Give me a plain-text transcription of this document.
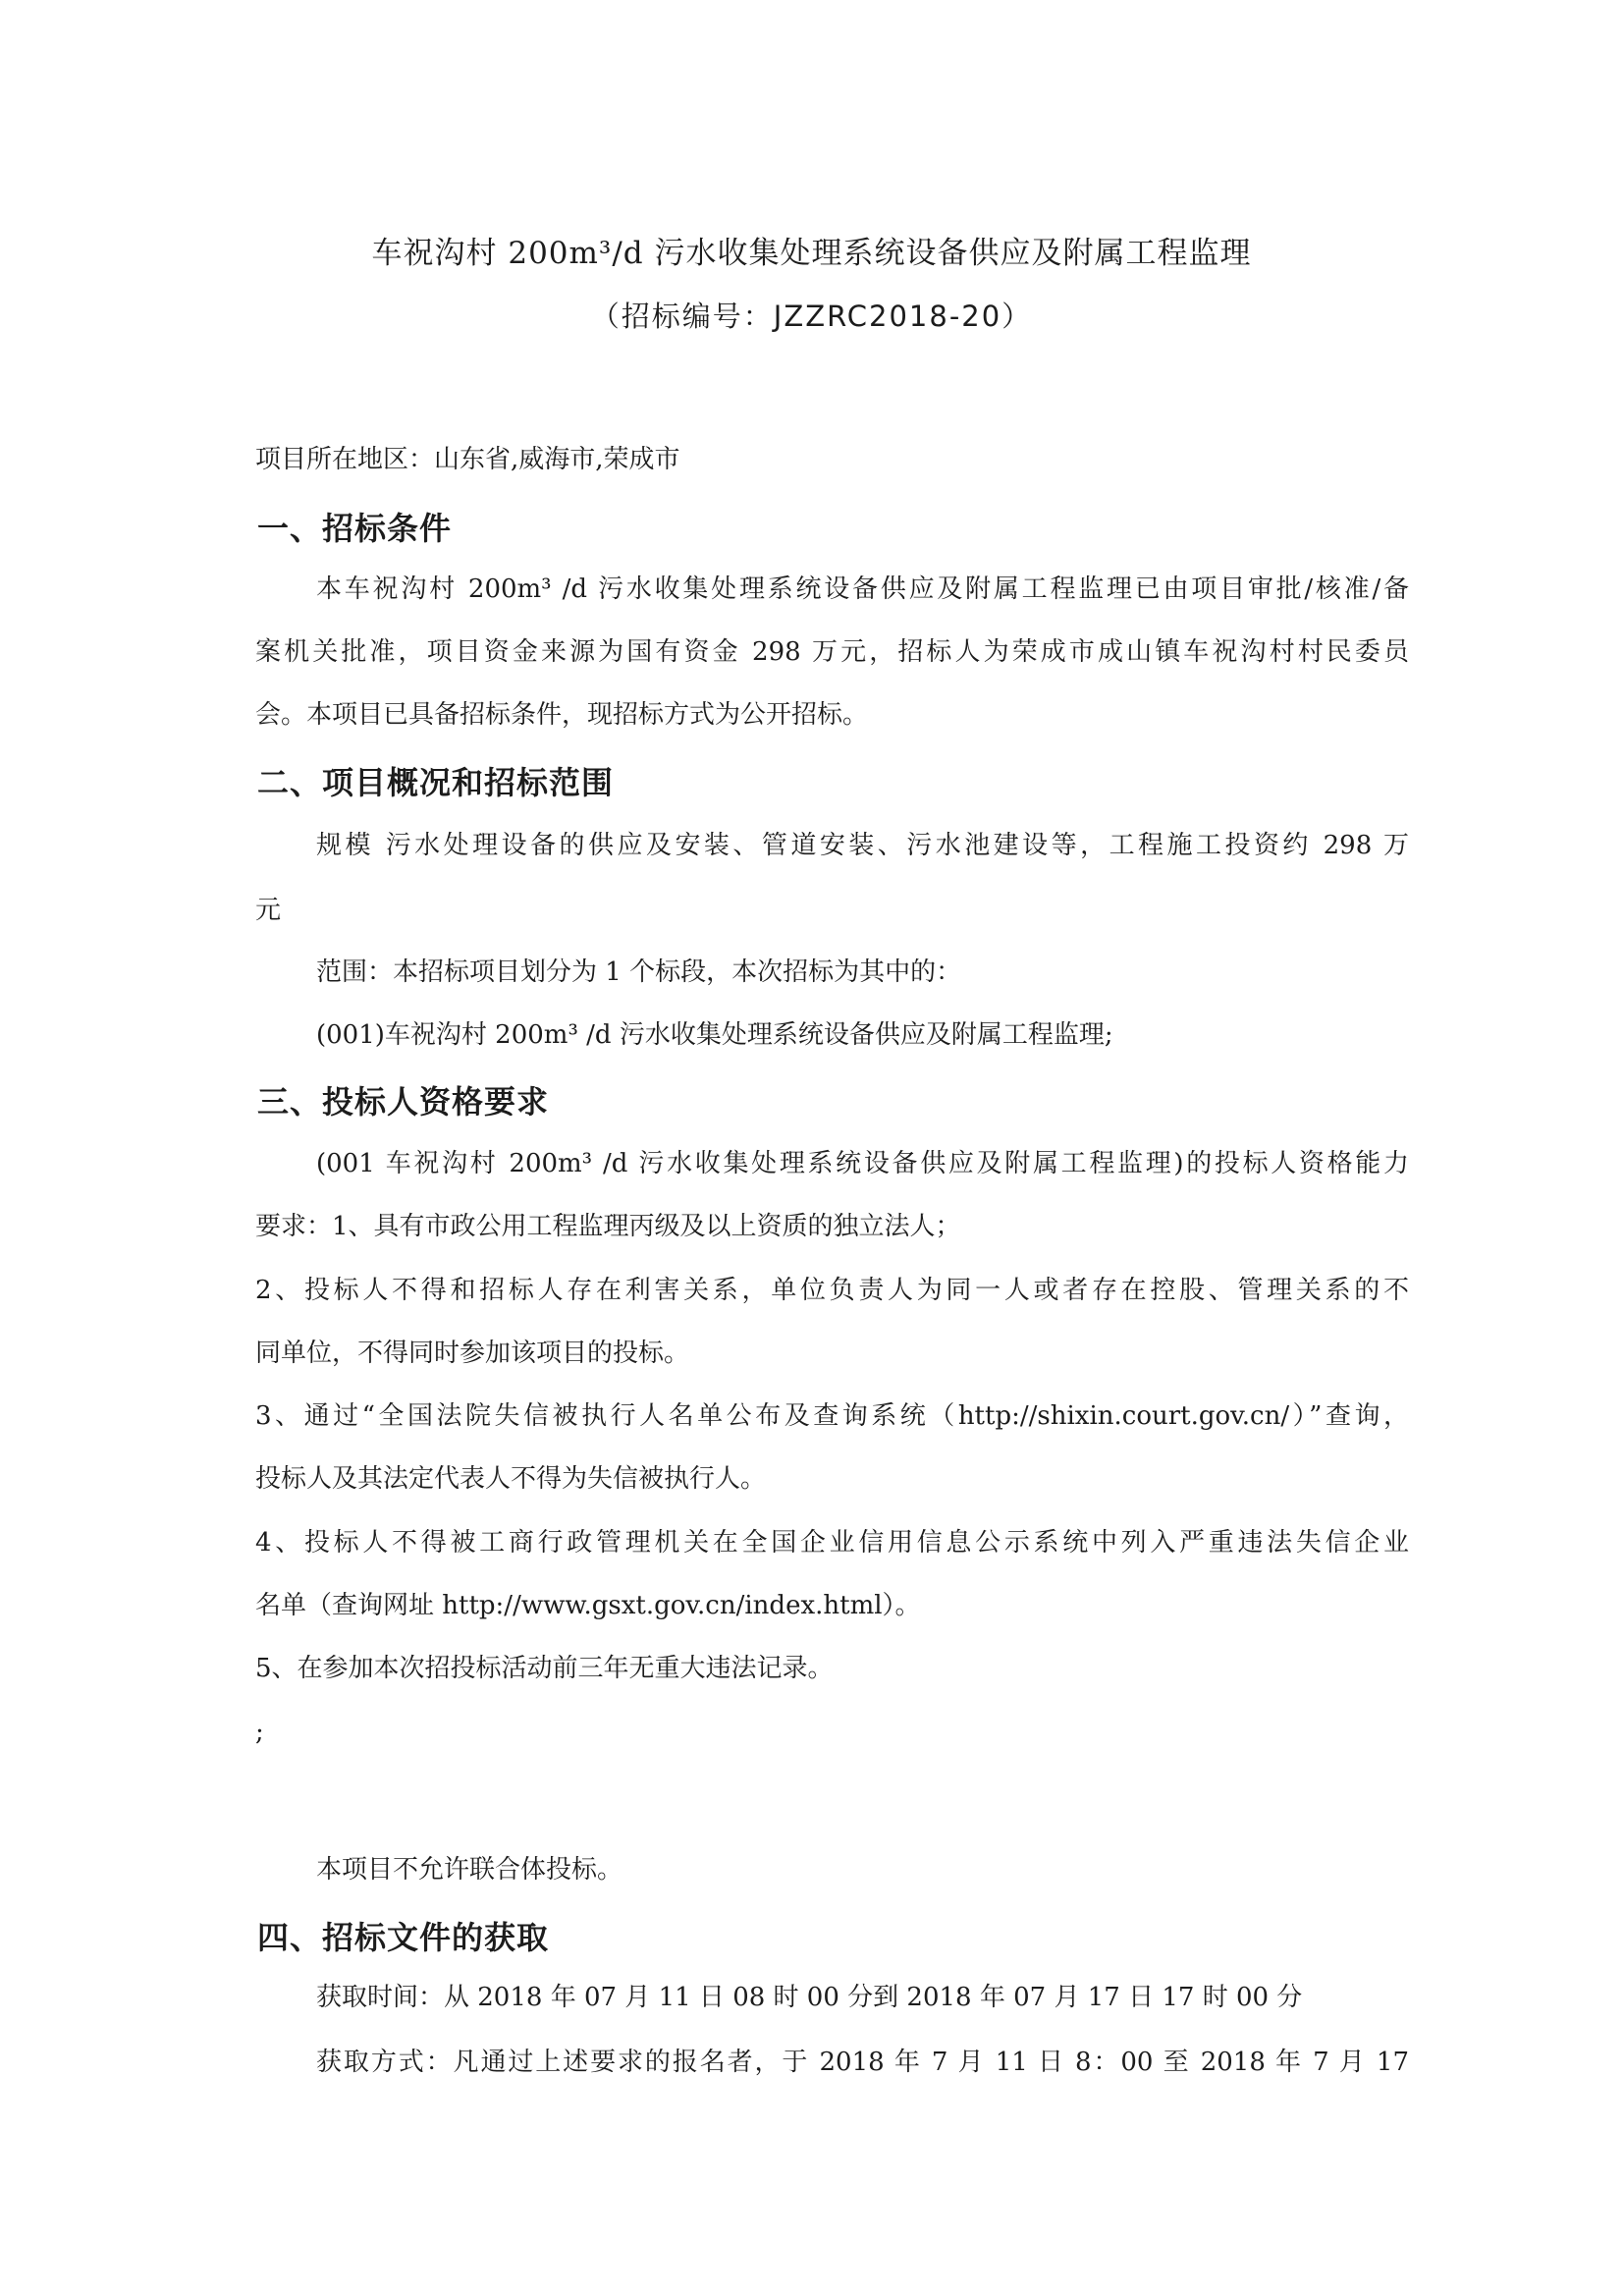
车祝沟村 200m³/d 污水收集处理系统设备供应及附属工程监理
（招标编号：JZZRC2018-20）
项目所在地区：山东省,威海市,荣成市
一、招标条件
本车祝沟村 200m³ /d 污水收集处理系统设备供应及附属工程监理已由项目审批/核准/备
案机关批准，项目资金来源为国有资金 298 万元，招标人为荣成市成山镇车祝沟村村民委员
会。本项目已具备招标条件，现招标方式为公开招标。
二、项目概况和招标范围
规模 污水处理设备的供应及安装、管道安装、污水池建设等，工程施工投资约 298 万
元
范围：本招标项目划分为 1 个标段，本次招标为其中的：
(001)车祝沟村 200m³ /d 污水收集处理系统设备供应及附属工程监理;
三、投标人资格要求
(001 车祝沟村 200m³ /d 污水收集处理系统设备供应及附属工程监理)的投标人资格能力
要求：1、具有市政公用工程监理丙级及以上资质的独立法人；
2、投标人不得和招标人存在利害关系，单位负责人为同一人或者存在控股、管理关系的不
同单位，不得同时参加该项目的投标。
3、通过“全国法院失信被执行人名单公布及查询系统（http://shixin.court.gov.cn/）”查询，
投标人及其法定代表人不得为失信被执行人。
4、投标人不得被工商行政管理机关在全国企业信用信息公示系统中列入严重违法失信企业
名单（查询网址 http://www.gsxt.gov.cn/index.html）。
5、在参加本次招投标活动前三年无重大违法记录。
;
本项目不允许联合体投标。
四、招标文件的获取
获取时间：从 2018 年 07 月 11 日 08 时 00 分到 2018 年 07 月 17 日 17 时 00 分
获取方式：凡通过上述要求的报名者，于 2018 年 7 月 11 日 8：00 至 2018 年 7 月 17
